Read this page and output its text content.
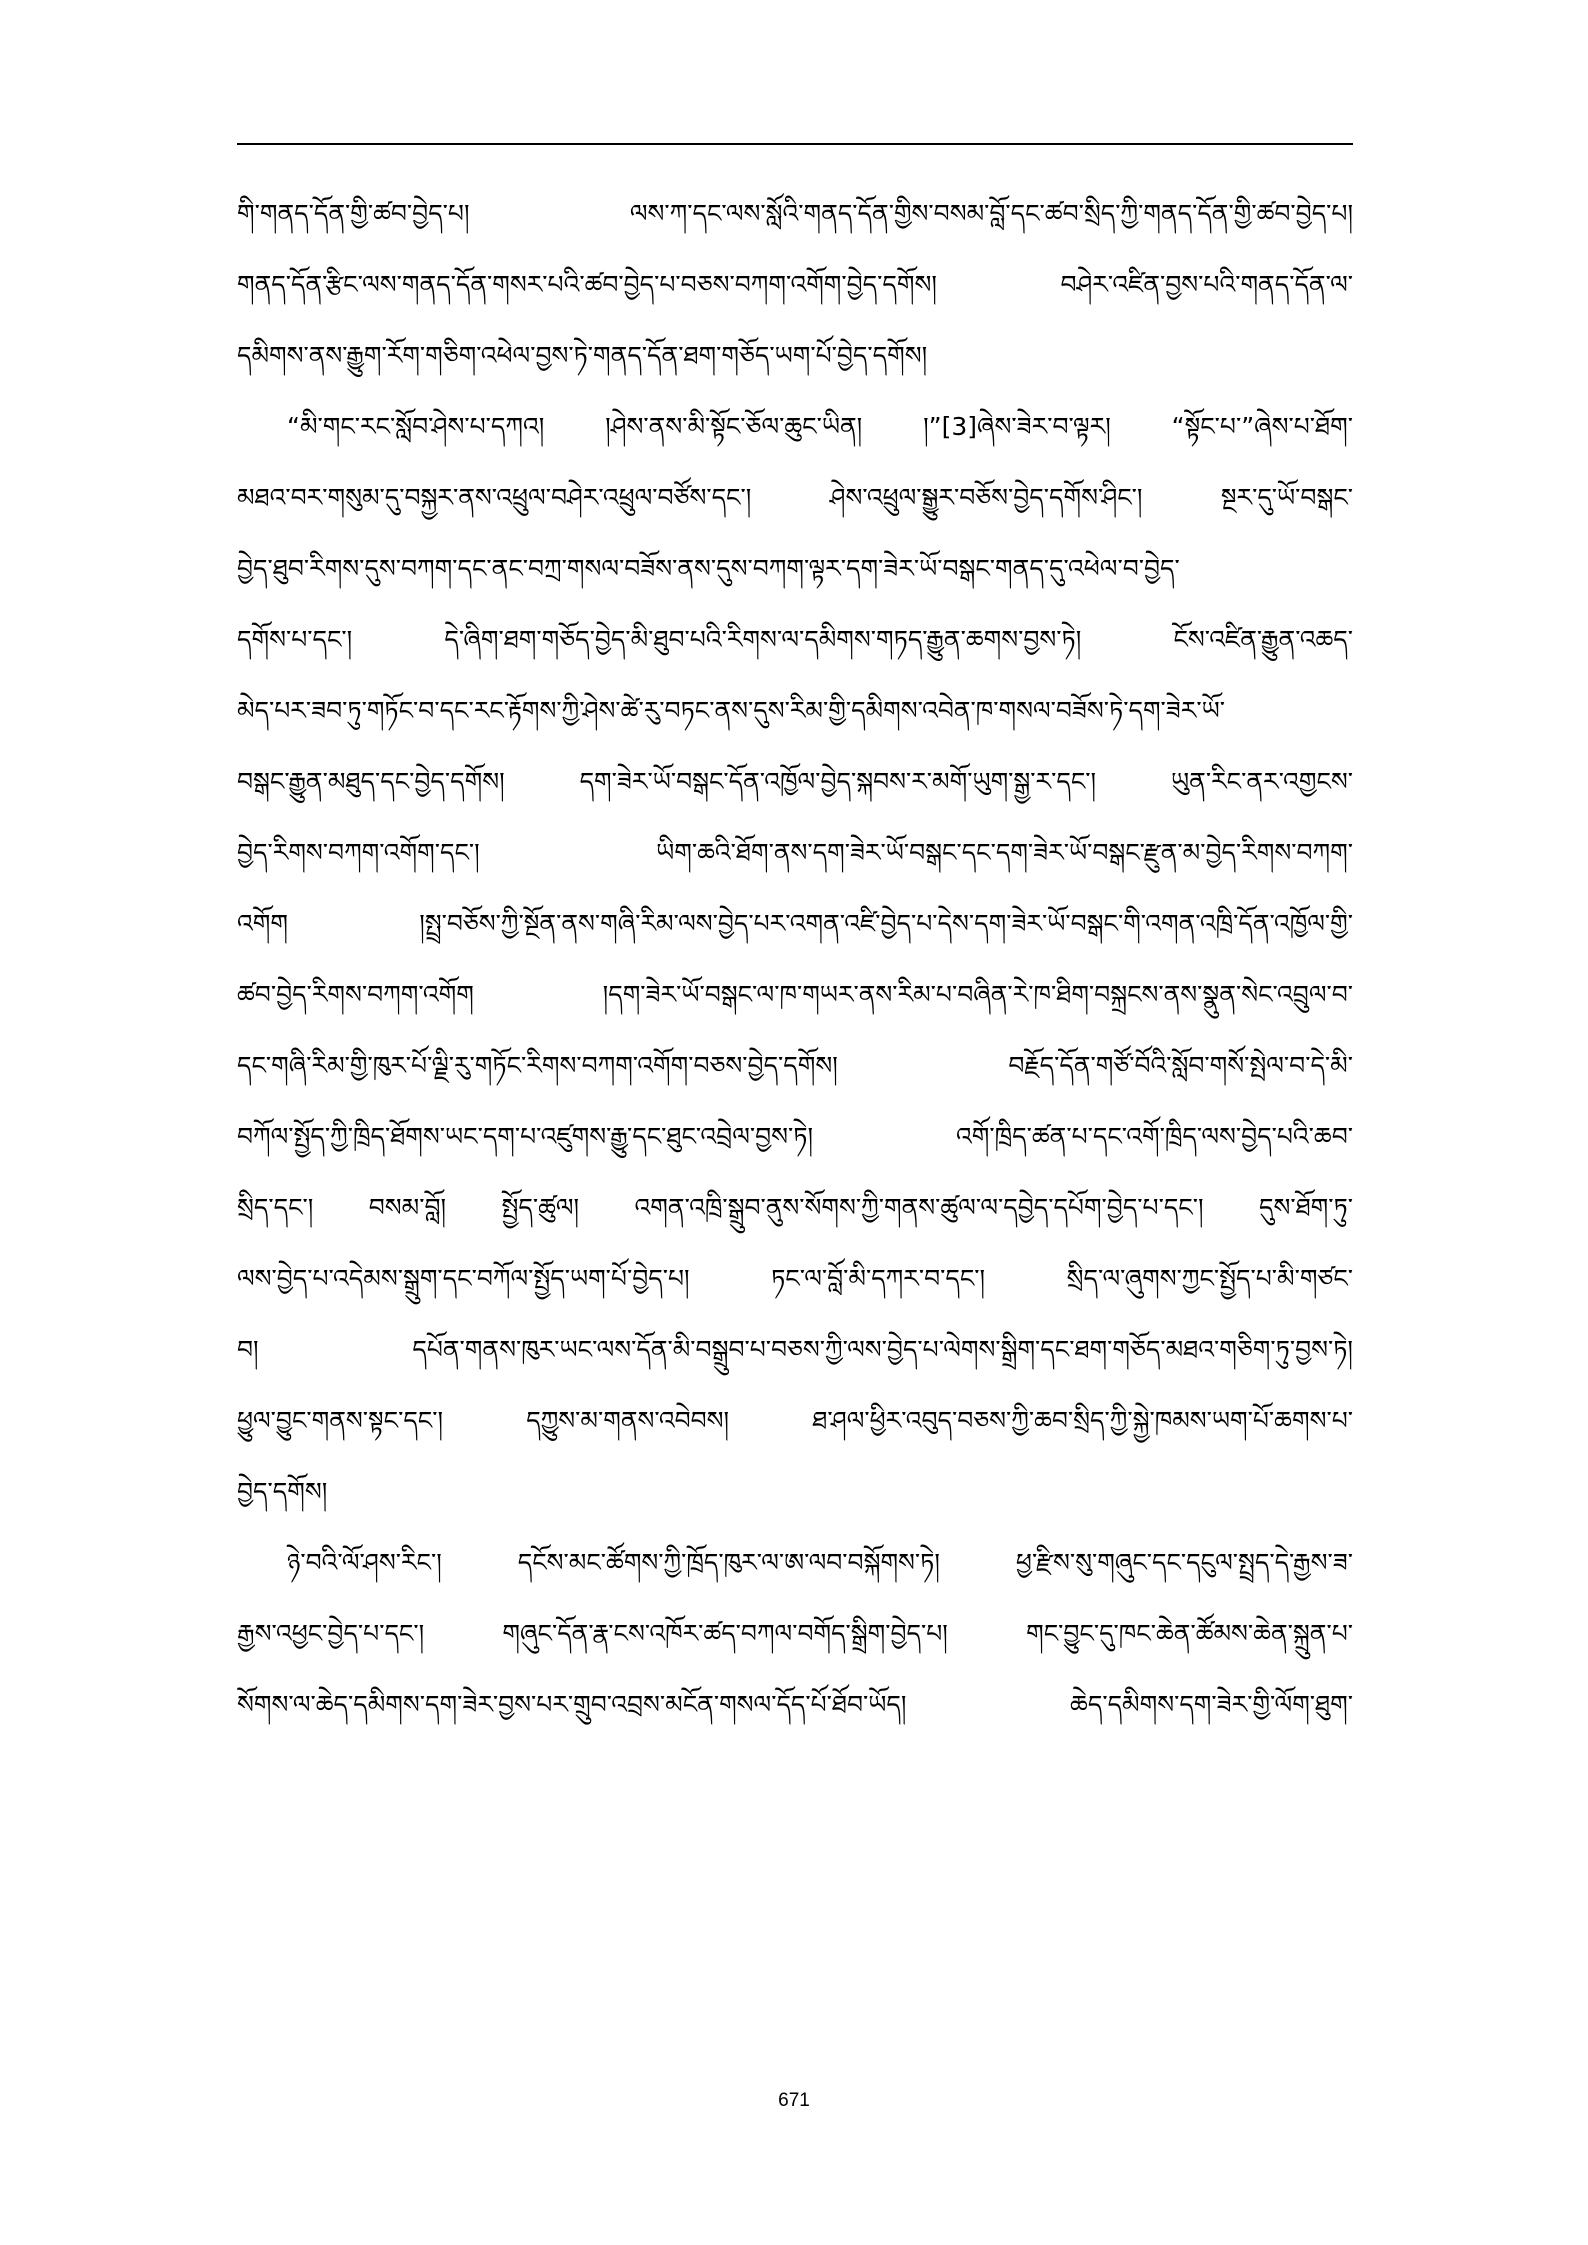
གི་གནད་དོན་གྱི་ཚབ་བྱེད་པ། ལས་ཀ་དང་ལས་སློའི་གནད་དོན་གྱིས་བསམ་བློ་དང་ཚབ་སྲིད་ཀྱི་གནད་དོན་གྱི་ཚབ་བྱེད་པ།
གནད་དོན་རྩིང་ལས་གནད་དོན་གསར་པའི་ཚབ་བྱེད་པ་བཅས་བཀག་འགོག་བྱེད་དགོས། བཤེར་འཛིན་བྱས་པའི་གནད་དོན་ལ་
དམིགས་ནས་རྒྱུག་རོག་གཅིག་འཕེལ་བྱས་ཏེ་གནད་དོན་ཐག་གཅོད་ཡག་པོ་བྱེད་དགོས།
“མི་གང་རང་སློབ་ཤེས་པ་དཀའ། །ཤེས་ནས་མི་སྟོང་ཅོལ་ཆུང་ཡིན། །”[3]ཞེས་ཟེར་བ་ལྟར། “སྟོང་པ་”ཞེས་པ་ཐོག་
མཐའ་བར་གསུམ་དུ་བསྐྱར་ནས་འཕྲུལ་བཤེར་འཕྲུལ་བཙོས་དང་། ཤེས་འཕྲུལ་སྒྱུར་བཅོས་བྱེད་དགོས་ཤིང་། སྔར་དུ་ཡོ་བསྒང་
བྱེད་ཐུབ་རིགས་དུས་བཀག་དང་ནང་བཀྲ་གསལ་བཟོས་ནས་དུས་བཀག་ལྟར་དག་ཟེར་ཡོ་བསྒང་གནད་དུ་འཕེལ་བ་བྱེད་
དགོས་པ་དང་། དེ་ཞིག་ཐག་གཅོད་བྱེད་མི་ཐུབ་པའི་རིགས་ལ་དམིགས་གཏད་རྒྱུན་ཆགས་བྱས་ཏེ། ངོས་འཛིན་རྒྱུན་འཆད་
མེད་པར་ཟབ་ཏུ་གཏོང་བ་དང་རང་རྟོགས་ཀྱི་ཤེས་ཚེ་རུ་བཏང་ནས་དུས་རིམ་གྱི་དམིགས་འབེན་ཁ་གསལ་བཟོས་ཏེ་དག་ཟེར་ཡོ་
བསྒང་རྒྱུན་མཐུད་དང་བྱེད་དགོས། དག་ཟེར་ཡོ་བསྒང་དོན་འཁྱོལ་བྱེད་སྐབས་ར་མགོ་ཡུག་སྒྱ་ར་དང་། ཡུན་རིང་ནར་འགྱངས་
བྱེད་རིགས་བཀག་འགོག་དང་། ཡིག་ཆའི་ཐོག་ནས་དག་ཟེར་ཡོ་བསྒང་དང་དག་ཟེར་ཡོ་བསྒང་རྫུན་མ་བྱེད་རིགས་བཀག་
འགོག །སྤྲ་བཅོས་ཀྱི་སྔོན་ནས་གཞི་རིམ་ལས་བྱེད་པར་འགན་འཛི་བྱེད་པ་དེས་དག་ཟེར་ཡོ་བསྒང་གི་འགན་འཁྲི་དོན་འཁྱོལ་གྱི་
ཚབ་བྱེད་རིགས་བཀག་འགོག །དག་ཟེར་ཡོ་བསྒང་ལ་ཁ་གཡར་ནས་རིམ་པ་བཞིན་རེ་ཁ་ཐིག་བསྐྲངས་ནས་སྣུན་སེང་འབྲུལ་བ་
དང་གཞི་རིམ་གྱི་ཁུར་པོ་ལྗི་རུ་གཏོང་རིགས་བཀག་འགོག་བཅས་བྱེད་དགོས། བརྗོད་དོན་གཙོ་བོའི་སློབ་གསོ་སྤེལ་བ་དེ་མི་
བཀོལ་སྤྱོད་ཀྱི་ཁྲིད་ཐོགས་ཡང་དག་པ་འཛུགས་རྒྱུ་དང་ཐུང་འབྲེལ་བྱས་ཏེ། འགོ་ཁྲིད་ཚན་པ་དང་འགོ་ཁྲིད་ལས་བྱེད་པའི་ཆབ་
སྲིད་དང་། བསམ་བློ། སྤྱོད་ཚུལ། འགན་འཁྲི་སྒྲུབ་ནུས་སོགས་ཀྱི་གནས་ཚུལ་ལ་དབྱེད་དཔོག་བྱེད་པ་དང་། དུས་ཐོག་ཏུ་
ལས་བྱེད་པ་འདེམས་སྒྲུག་དང་བཀོལ་སྤྱོད་ཡག་པོ་བྱེད་པ། ཏང་ལ་བློ་མི་དཀར་བ་དང་། སྲིད་ལ་ཞུགས་ཀྱང་སྤྱོད་པ་མི་གཙང་
བ། དཔོན་གནས་ཁུར་ཡང་ལས་དོན་མི་བསྒྲུབ་པ་བཅས་ཀྱི་ལས་བྱེད་པ་ལེགས་སྒྲིག་དང་ཐག་གཅོད་མཐའ་གཅིག་ཏུ་བྱས་ཏེ།
ཕྱུལ་བྱུང་གནས་སྟང་དང་། དཀྱུས་མ་གནས་འབེབས། ཐ་ཤལ་ཕྱིར་འབུད་བཅས་ཀྱི་ཆབ་སྲིད་ཀྱི་སྐྱེ་ཁམས་ཡག་པོ་ཆགས་པ་
བྱེད་དགོས།
ཉེ་བའི་ལོ་ཤས་རིང་། དངོས་མང་ཚོགས་ཀྱི་ཁྲོད་ཁུར་ལ་ཨ་ལབ་བསྐོགས་ཏེ། ཕྱ་རྫིས་སུ་གཞུང་དང་དངུལ་སྤྲད་དེ་རྒྱས་ཟ་
རྒྱས་འཕྱང་བྱེད་པ་དང་། གཞུང་དོན་རྣ་ངས་འཁོར་ཚད་བཀལ་བགོད་སྒྲིག་བྱེད་པ། གང་བྱུང་དུ་ཁང་ཆེན་ཚོམས་ཆེན་སྐྲུན་པ་
སོགས་ལ་ཆེད་དམིགས་དག་ཟེར་བྱས་པར་གྲུབ་འབྲས་མངོན་གསལ་དོད་པོ་ཐོབ་ཡོད། ཆེད་དམིགས་དག་ཟེར་གྱི་ལོག་ཐུག་
671
